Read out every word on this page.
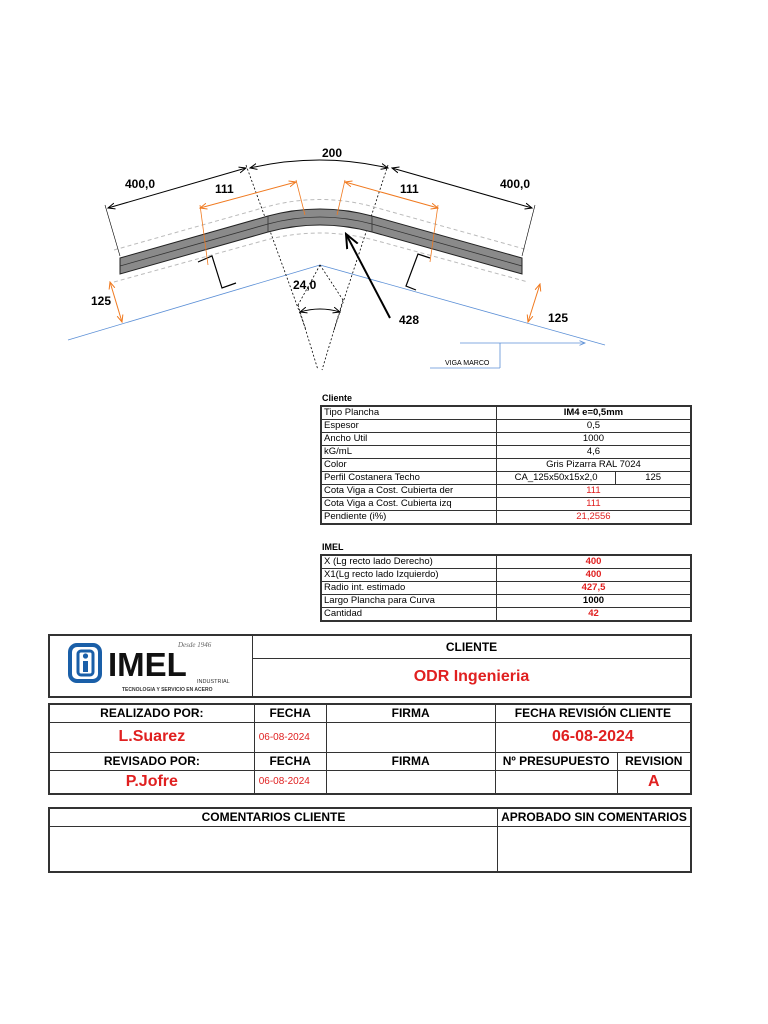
VIGA MARCO
200
400,0	400,0
111	111
125
125
24,0
428
Cliente
Tipo Plancha	IM4 e=0,5mm	
Espesor	0,5	
Ancho Util	1000	
kG/mL	4,6	
Color	Gris Pizarra RAL 7024	
Perfil Costanera Techo	CA_125x50x15x2,0	125
Cota Viga a Cost. Cubierta der	111	
Cota Viga a Cost. Cubierta izq	111	
Pendiente (i%)	21,2556	
IMEL
X (Lg recto lado Derecho)	400
X1(Lg recto lado Izquierdo)	400
Radio int. estimado	427,5
Largo Plancha para Curva	1000
Cantidad	42
IMEL
Desde 1946
INDUSTRIAL
TECNOLOGIA Y SERVICIO EN ACERO
	CLIENTE
ODR Ingenieria
REALIZADO POR:	FECHA	FIRMA	FECHA REVISIÓN CLIENTE	
L.Suarez	06-08-2024		06-08-2024	
REVISADO POR:	FECHA	FIRMA	Nº PRESUPUESTO	REVISION
P.Jofre	06-08-2024			A
COMENTARIOS CLIENTE	APROBADO SIN COMENTARIOS
